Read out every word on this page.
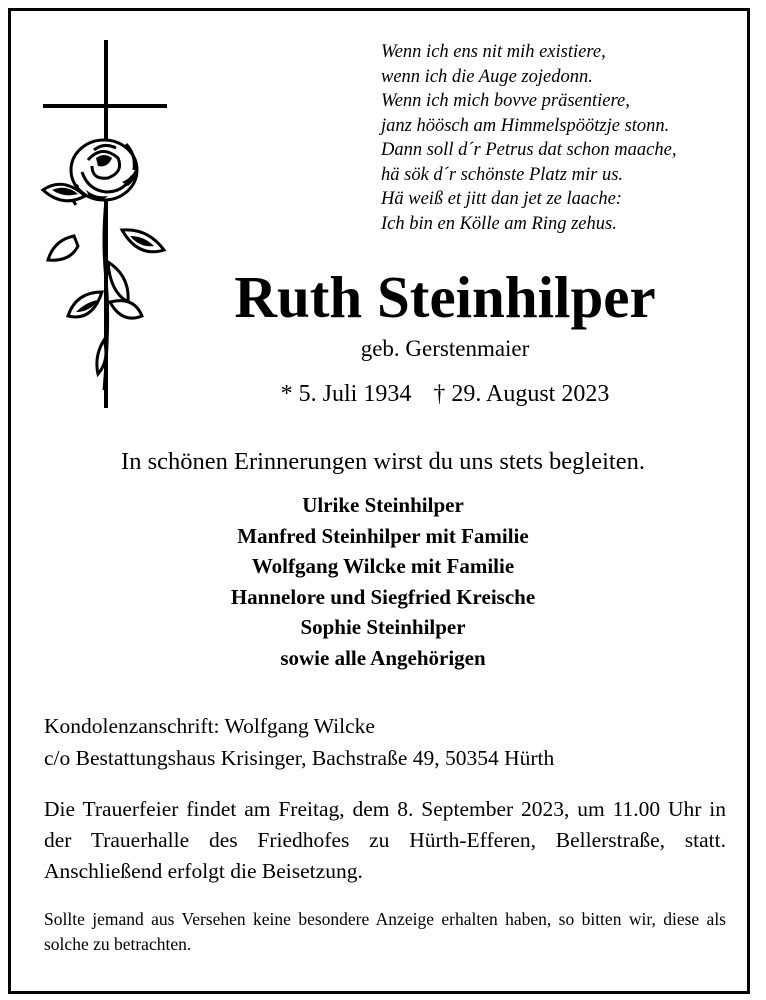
Wenn ich ens nit mih existiere,
wenn ich die Auge zojedonn.
Wenn ich mich bovve präsentiere,
janz höösch am Himmelspöötzje stonn.
Dann soll d´r Petrus dat schon maache,
hä sök d´r schönste Platz mir us.
Hä weiß et jitt dan jet ze laache:
Ich bin en Kölle am Ring zehus.
Ruth Steinhilper
geb. Gerstenmaier
* 5. Juli 1934 † 29. August 2023
In schönen Erinnerungen wirst du uns stets begleiten.
Ulrike Steinhilper
Manfred Steinhilper mit Familie
Wolfgang Wilcke mit Familie
Hannelore und Siegfried Kreische
Sophie Steinhilper
sowie alle Angehörigen
Kondolenzanschrift: Wolfgang Wilcke
c/o Bestattungshaus Krisinger, Bachstraße 49, 50354 Hürth
Die Trauerfeier findet am Freitag, dem 8. September 2023, um 11.00 Uhr in der Trauerhalle des Friedhofes zu Hürth-Efferen, Bellerstraße, statt. Anschließend erfolgt die Beisetzung.
Sollte jemand aus Versehen keine besondere Anzeige erhalten haben, so bitten wir, diese als solche zu betrachten.
